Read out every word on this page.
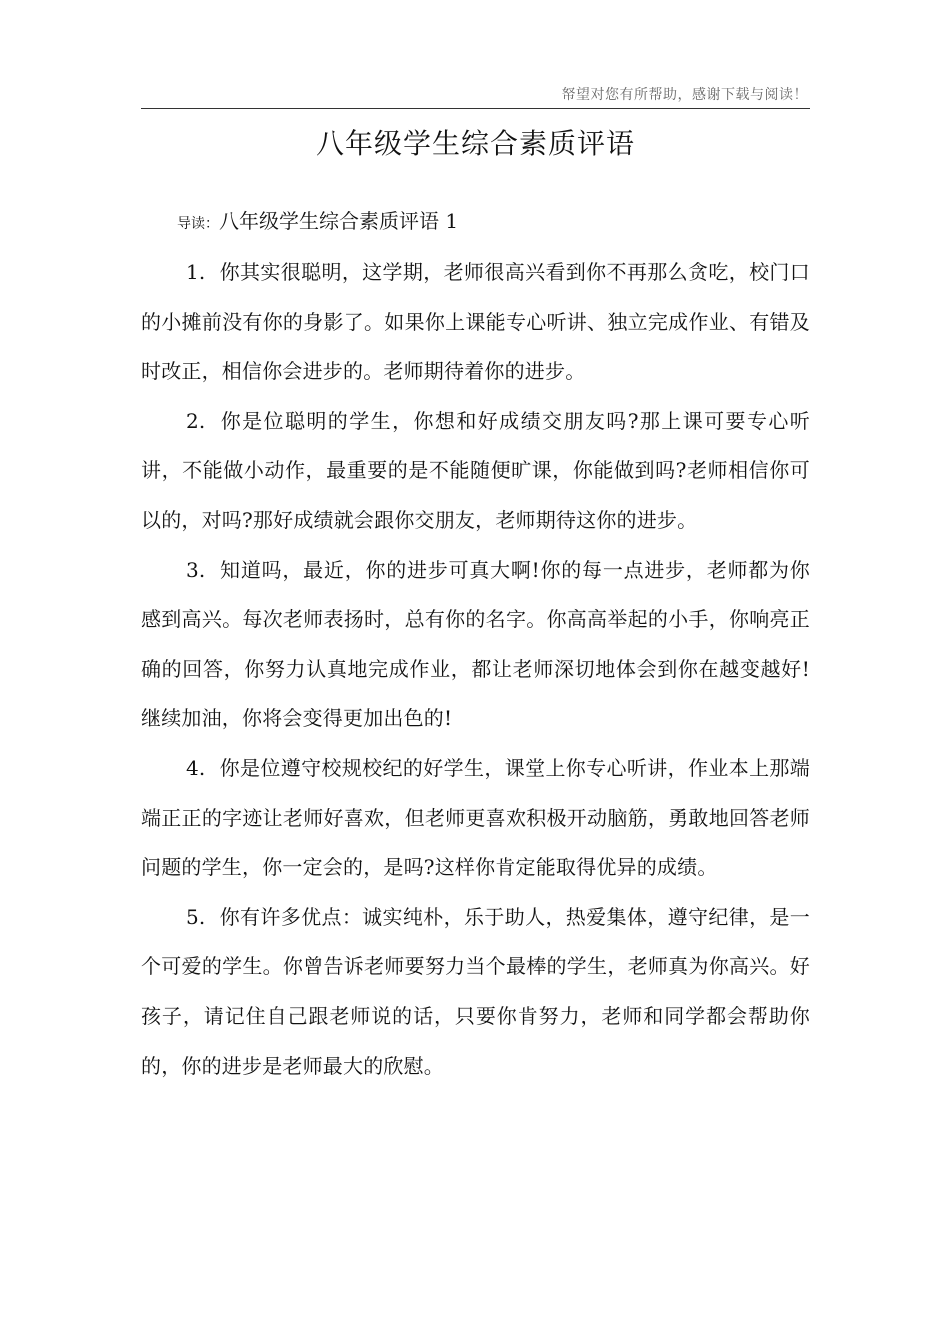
帑望对您有所帮助，感谢下载与阅读！
八年级学生综合素质评语
导读：八年级学生综合素质评语 1

1. 你其实很聪明，这学期，老师很高兴看到你不再那么贪吃，校门口的小摊前没有你的身影了。如果你上课能专心听讲、独立完成作业、有错及时改正，相信你会进步的。老师期待着你的进步。

2. 你是位聪明的学生，你想和好成绩交朋友吗?那上课可要专心听讲，不能做小动作，最重要的是不能随便旷课，你能做到吗?老师相信你可以的，对吗?那好成绩就会跟你交朋友，老师期待这你的进步。

3. 知道吗，最近，你的进步可真大啊!你的每一点进步，老师都为你感到高兴。每次老师表扬时，总有你的名字。你高高举起的小手，你响亮正确的回答，你努力认真地完成作业，都让老师深切地体会到你在越变越好!继续加油，你将会变得更加出色的!

4. 你是位遵守校规校纪的好学生，课堂上你专心听讲，作业本上那端端正正的字迹让老师好喜欢，但老师更喜欢积极开动脑筋，勇敢地回答老师问题的学生，你一定会的，是吗?这样你肯定能取得优异的成绩。

5. 你有许多优点：诚实纯朴，乐于助人，热爱集体，遵守纪律，是一个可爱的学生。你曾告诉老师要努力当个最棒的学生，老师真为你高兴。好孩子，请记住自己跟老师说的话，只要你肯努力，老师和同学都会帮助你的，你的进步是老师最大的欣慰。
